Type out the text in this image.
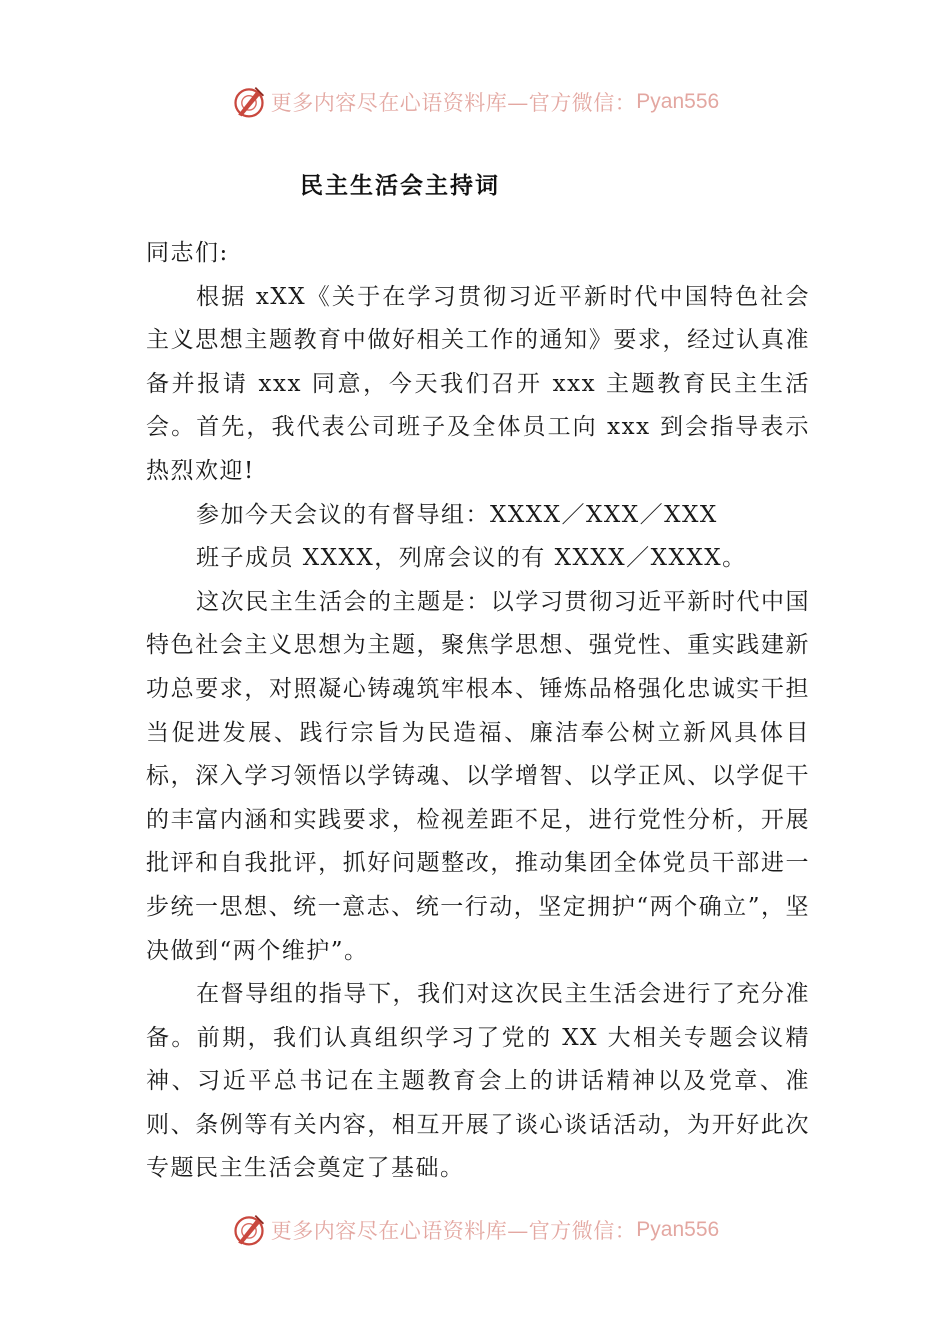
更多内容尽在心语资料库—官方微信： Pyan556
民主生活会主持词

同志们:

根据 xXX《关于在学习贯彻习近平新时代中国特色社会主义思想主题教育中做好相关工作的通知》要求，经过认真准备并报请 xxx 同意，今天我们召开 xxx 主题教育民主生活会。首先，我代表公司班子及全体员工向 xxx 到会指导表示热烈欢迎!

参加今天会议的有督导组：XXXX／XXX／XXX

班子成员 XXXX，列席会议的有 XXXX／XXXX。

这次民主生活会的主题是：以学习贯彻习近平新时代中国特色社会主义思想为主题，聚焦学思想、强党性、重实践建新功总要求，对照凝心铸魂筑牢根本、锤炼品格强化忠诚实干担当促进发展、践行宗旨为民造福、廉洁奉公树立新风具体目标，深入学习领悟以学铸魂、以学增智、以学正风、以学促干的丰富内涵和实践要求，检视差距不足，进行党性分析，开展批评和自我批评，抓好问题整改，推动集团全体党员干部进一步统一思想、统一意志、统一行动，坚定拥护“两个确立”，坚决做到“两个维护”。

在督导组的指导下，我们对这次民主生活会进行了充分准备。前期，我们认真组织学习了党的 XX 大相关专题会议精神、习近平总书记在主题教育会上的讲话精神以及党章、准则、条例等有关内容，相互开展了谈心谈话活动，为开好此次专题民主生活会奠定了基础。

更多内容尽在心语资料库—官方微信： Pyan556
